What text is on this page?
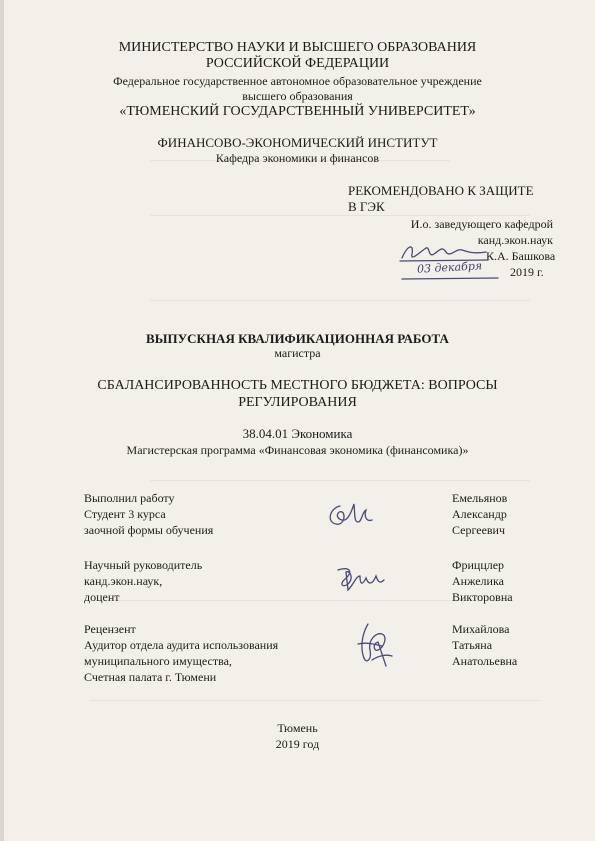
МИНИСТЕРСТВО НАУКИ И ВЫСШЕГО ОБРАЗОВАНИЯ
РОССИЙСКОЙ ФЕДЕРАЦИИ
Федеральное государственное автономное образовательное учреждение
высшего образования
«ТЮМЕНСКИЙ ГОСУДАРСТВЕННЫЙ УНИВЕРСИТЕТ»
ФИНАНСОВО-ЭКОНОМИЧЕСКИЙ ИНСТИТУТ
Кафедра экономики и финансов
РЕКОМЕНДОВАНО К ЗАЩИТЕ
В ГЭК
И.о. заведующего кафедрой
канд.экон.наук
К.А. Башкова
2019 г.
03 декабря
ВЫПУСКНАЯ КВАЛИФИКАЦИОННАЯ РАБОТА
магистра
СБАЛАНСИРОВАННОСТЬ МЕСТНОГО БЮДЖЕТА: ВОПРОСЫ
РЕГУЛИРОВАНИЯ
38.04.01 Экономика
Магистерская программа «Финансовая экономика (финансомика)»
Выполнил работу
Студент 3 курса
заочной формы обучения
Емельянов
Александр
Сергеевич
Научный руководитель
канд.экон.наук,
доцент
Фриццлер
Анжелика
Викторовна
Рецензент
Аудитор отдела аудита использования
муниципального имущества,
Счетная палата г. Тюмени
Михайлова
Татьяна
Анатольевна
Тюмень
2019 год
